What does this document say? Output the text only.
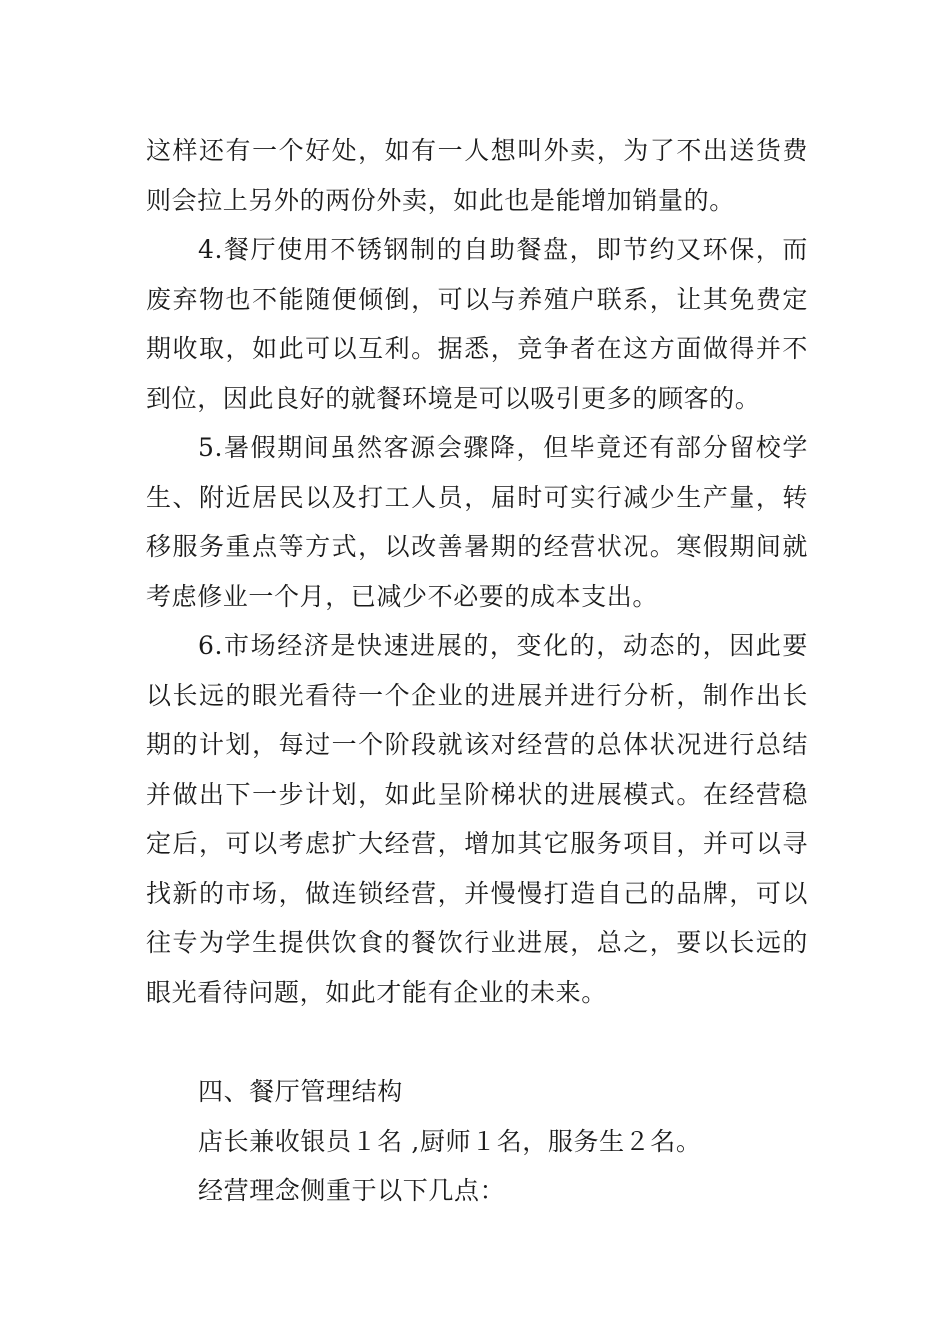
这样还有一个好处，如有一人想叫外卖，为了不出送货费则会拉上另外的两份外卖，如此也是能增加销量的。

4.餐厅使用不锈钢制的自助餐盘，即节约又环保，而废弃物也不能随便倾倒，可以与养殖户联系，让其免费定期收取，如此可以互利。据悉，竞争者在这方面做得并不到位，因此良好的就餐环境是可以吸引更多的顾客的。

5.暑假期间虽然客源会骤降，但毕竟还有部分留校学生、附近居民以及打工人员，届时可实行减少生产量，转移服务重点等方式，以改善暑期的经营状况。寒假期间就考虑修业一个月，已减少不必要的成本支出。

6.市场经济是快速进展的，变化的，动态的，因此要以长远的眼光看待一个企业的进展并进行分析，制作出长期的计划，每过一个阶段就该对经营的总体状况进行总结并做出下一步计划，如此呈阶梯状的进展模式。在经营稳定后，可以考虑扩大经营，增加其它服务项目，并可以寻找新的市场，做连锁经营，并慢慢打造自己的品牌，可以往专为学生提供饮食的餐饮行业进展，总之，要以长远的眼光看待问题，如此才能有企业的未来。

四、餐厅管理结构

店长兼收银员１名 ,厨师１名，服务生２名。

经营理念侧重于以下几点：
